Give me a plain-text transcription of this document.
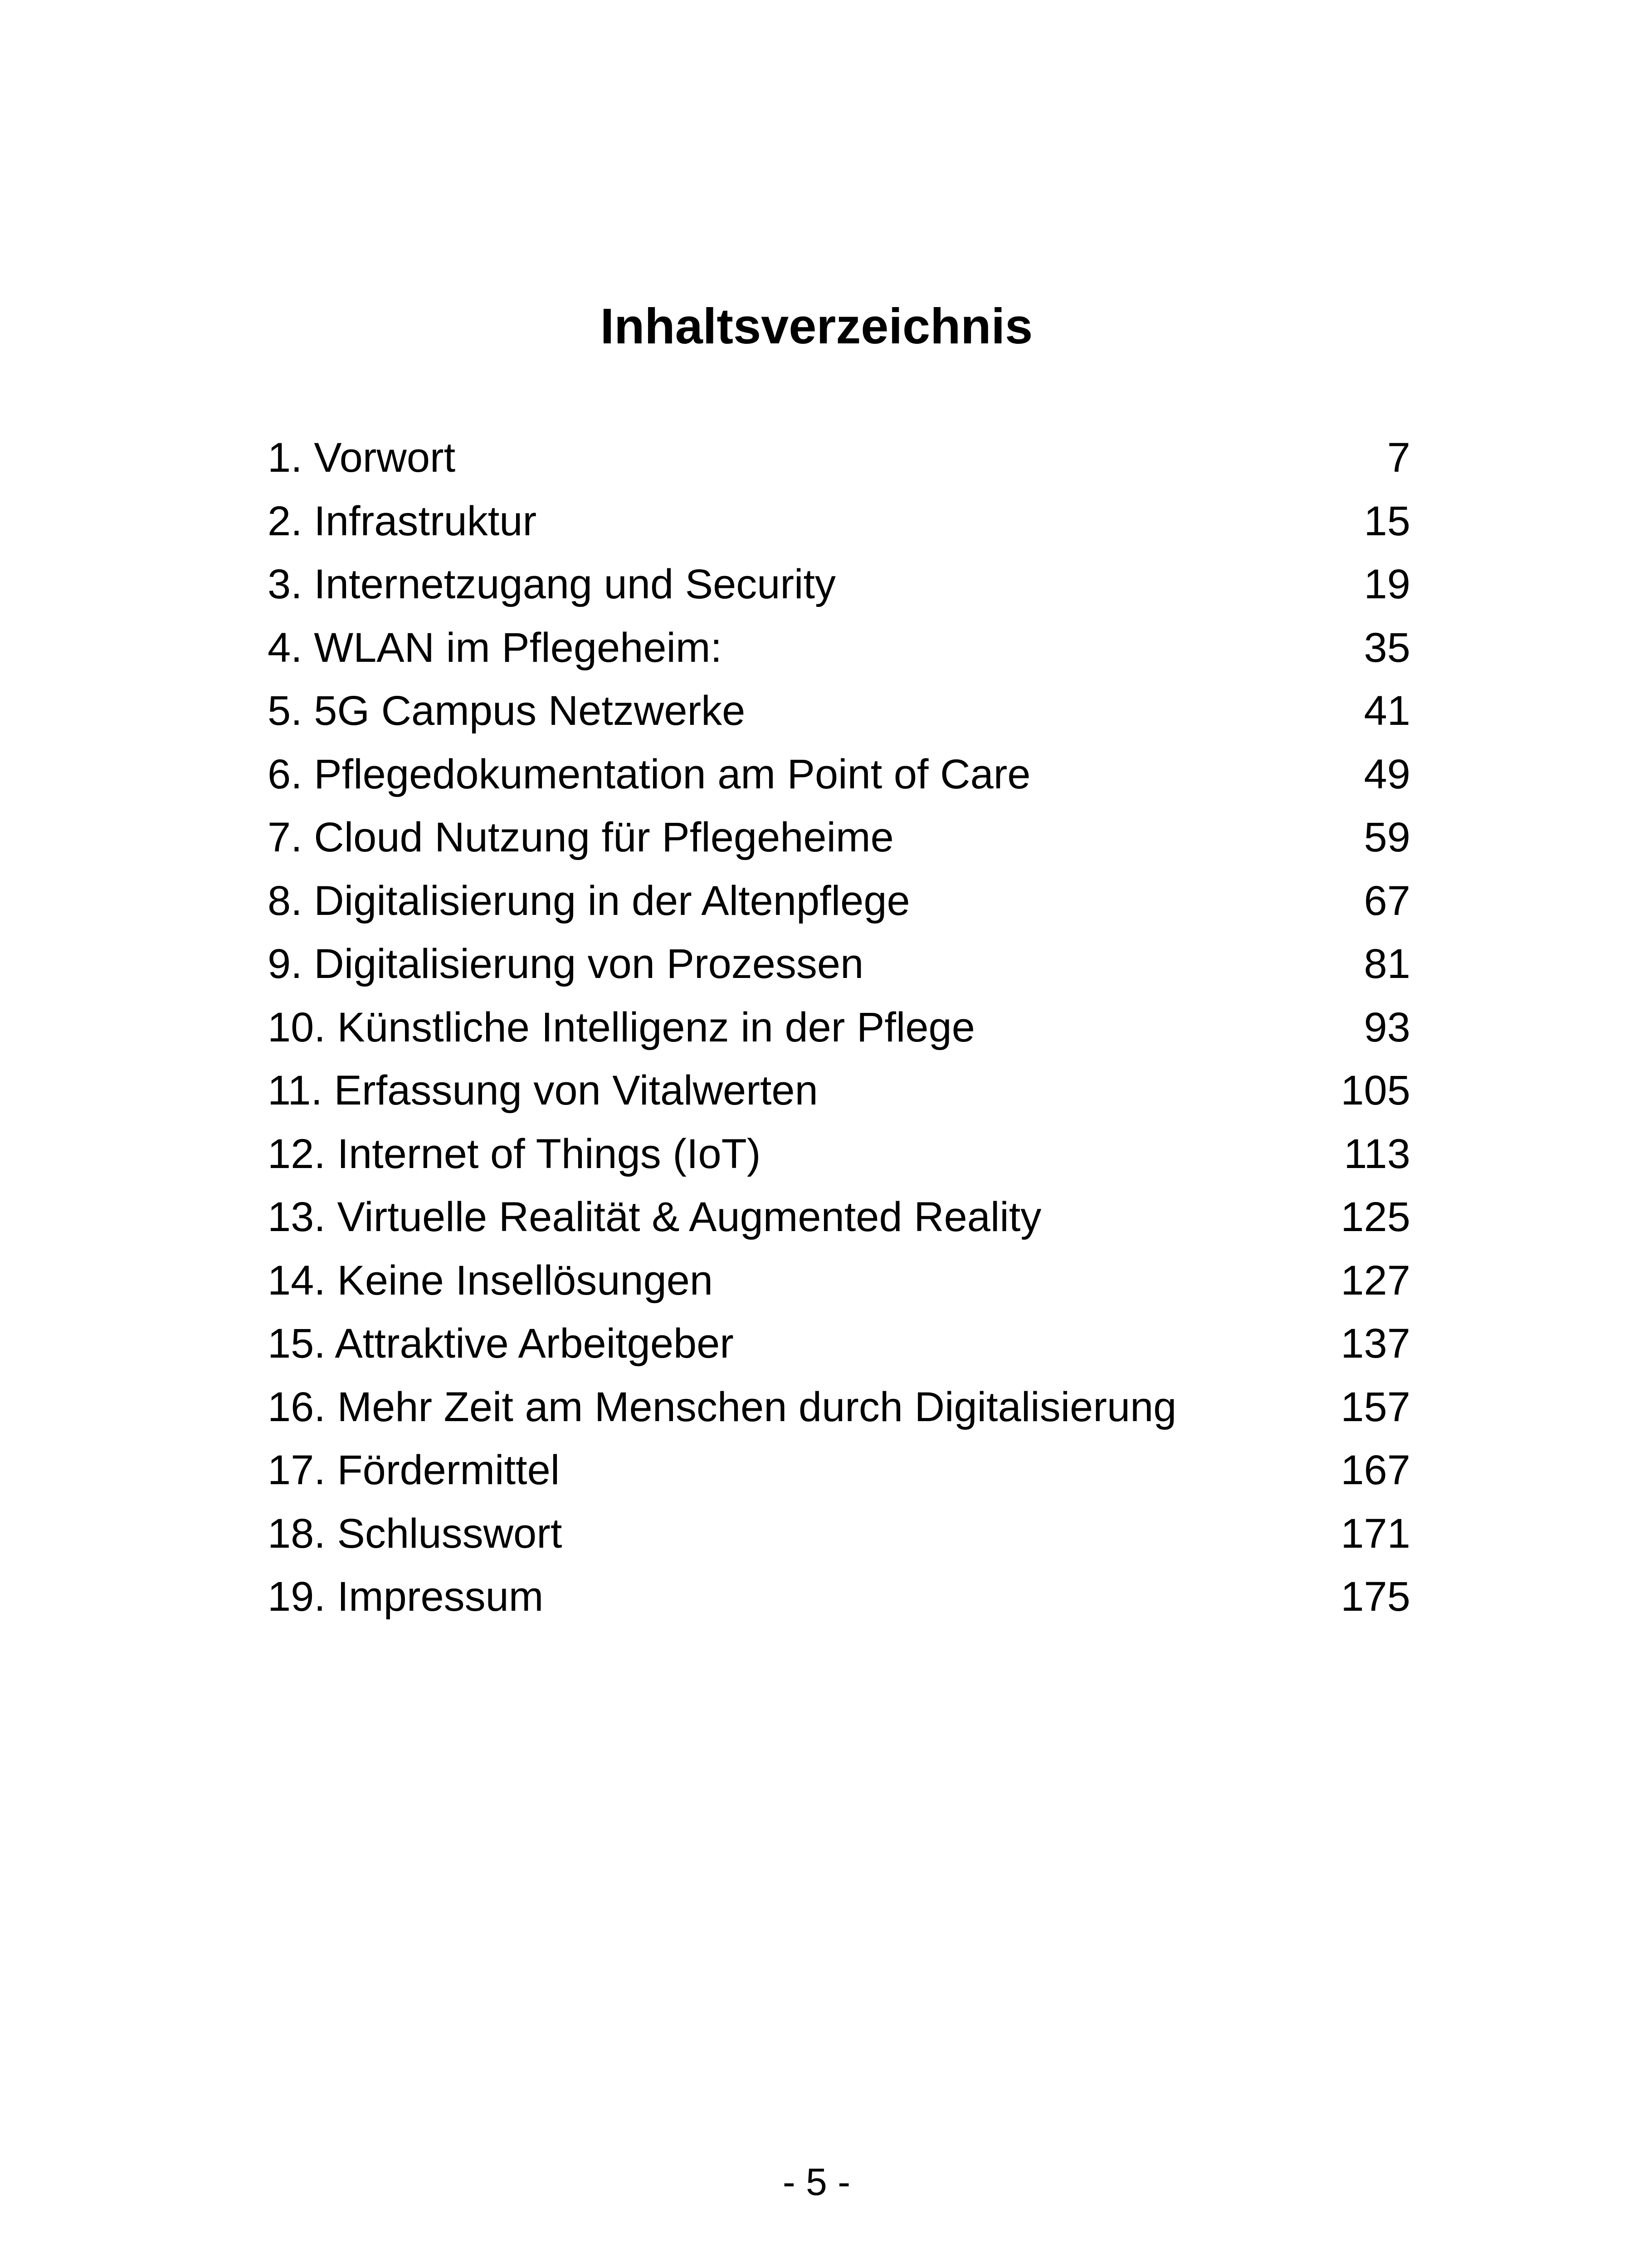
Inhaltsverzeichnis
1. Vorwort	7
2. Infrastruktur	15
3. Internetzugang und Security	19
4. WLAN im Pflegeheim:	35
5. 5G Campus Netzwerke	41
6. Pflegedokumentation am Point of Care	49
7. Cloud Nutzung für Pflegeheime	59
8. Digitalisierung in der Altenpflege	67
9. Digitalisierung von Prozessen	81
10. Künstliche Intelligenz in der Pflege	93
11. Erfassung von Vitalwerten	105
12. Internet of Things (IoT)	113
13. Virtuelle Realität & Augmented Reality	125
14. Keine Insellösungen	127
15. Attraktive Arbeitgeber	137
16. Mehr Zeit am Menschen durch Digitalisierung	157
17. Fördermittel	167
18. Schlusswort	171
19. Impressum	175
- 5 -
